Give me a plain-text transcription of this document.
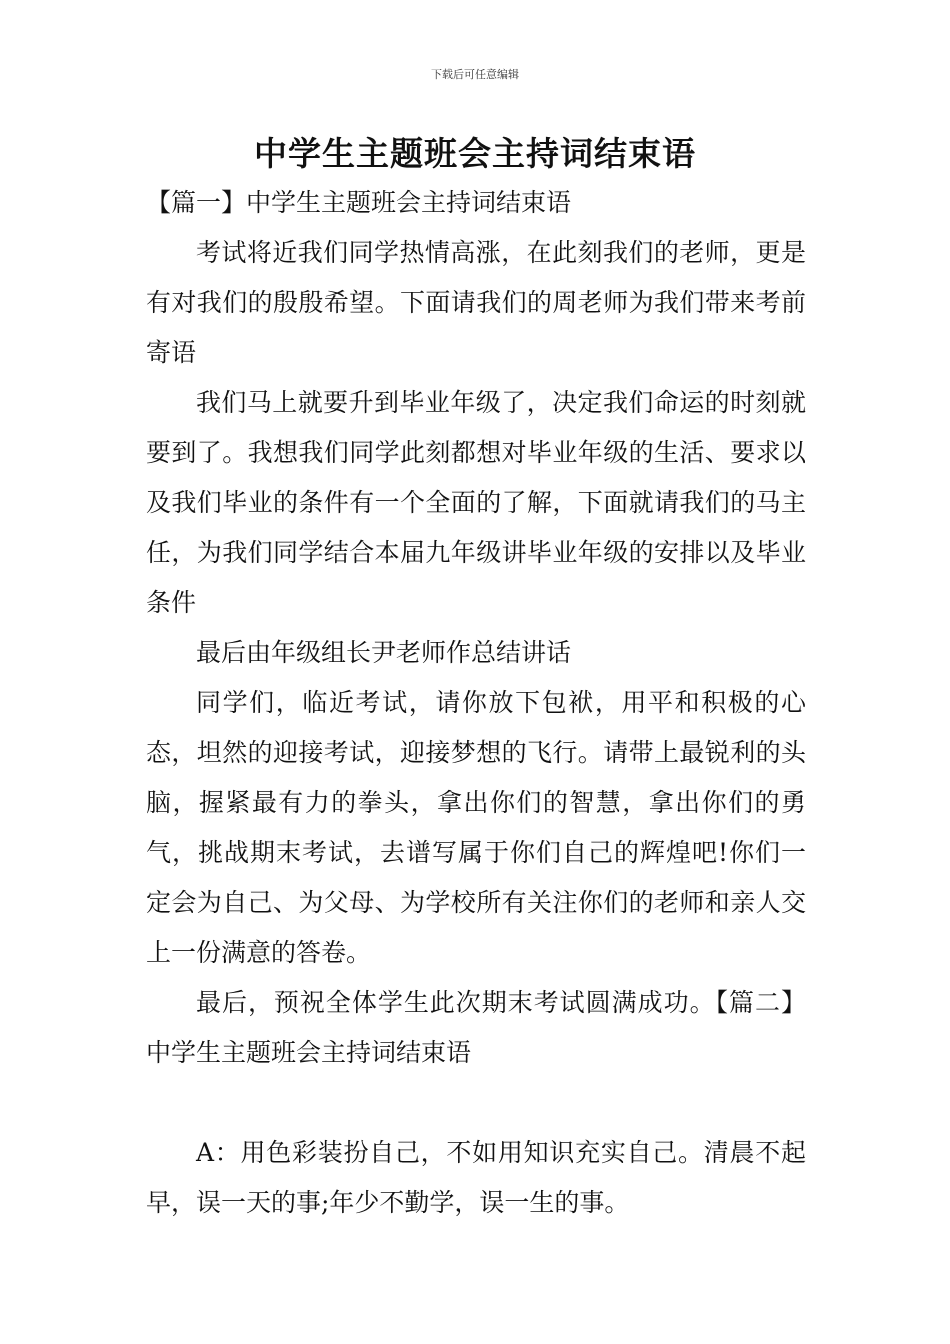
下载后可任意编辑
中学生主题班会主持词结束语

【篇一】中学生主题班会主持词结束语

考试将近我们同学热情高涨，在此刻我们的老师，更是有对我们的殷殷希望。下面请我们的周老师为我们带来考前寄语

我们马上就要升到毕业年级了，决定我们命运的时刻就要到了。我想我们同学此刻都想对毕业年级的生活、要求以及我们毕业的条件有一个全面的了解，下面就请我们的马主任，为我们同学结合本届九年级讲毕业年级的安排以及毕业条件

最后由年级组长尹老师作总结讲话

同学们，临近考试，请你放下包袱，用平和积极的心态，坦然的迎接考试，迎接梦想的飞行。请带上最锐利的头脑，握紧最有力的拳头，拿出你们的智慧，拿出你们的勇气，挑战期末考试，去谱写属于你们自己的辉煌吧!你们一定会为自己、为父母、为学校所有关注你们的老师和亲人交上一份满意的答卷。

最后，预祝全体学生此次期末考试圆满成功。【篇二】中学生主题班会主持词结束语

A：用色彩装扮自己，不如用知识充实自己。清晨不起早，误一天的事;年少不勤学，误一生的事。
